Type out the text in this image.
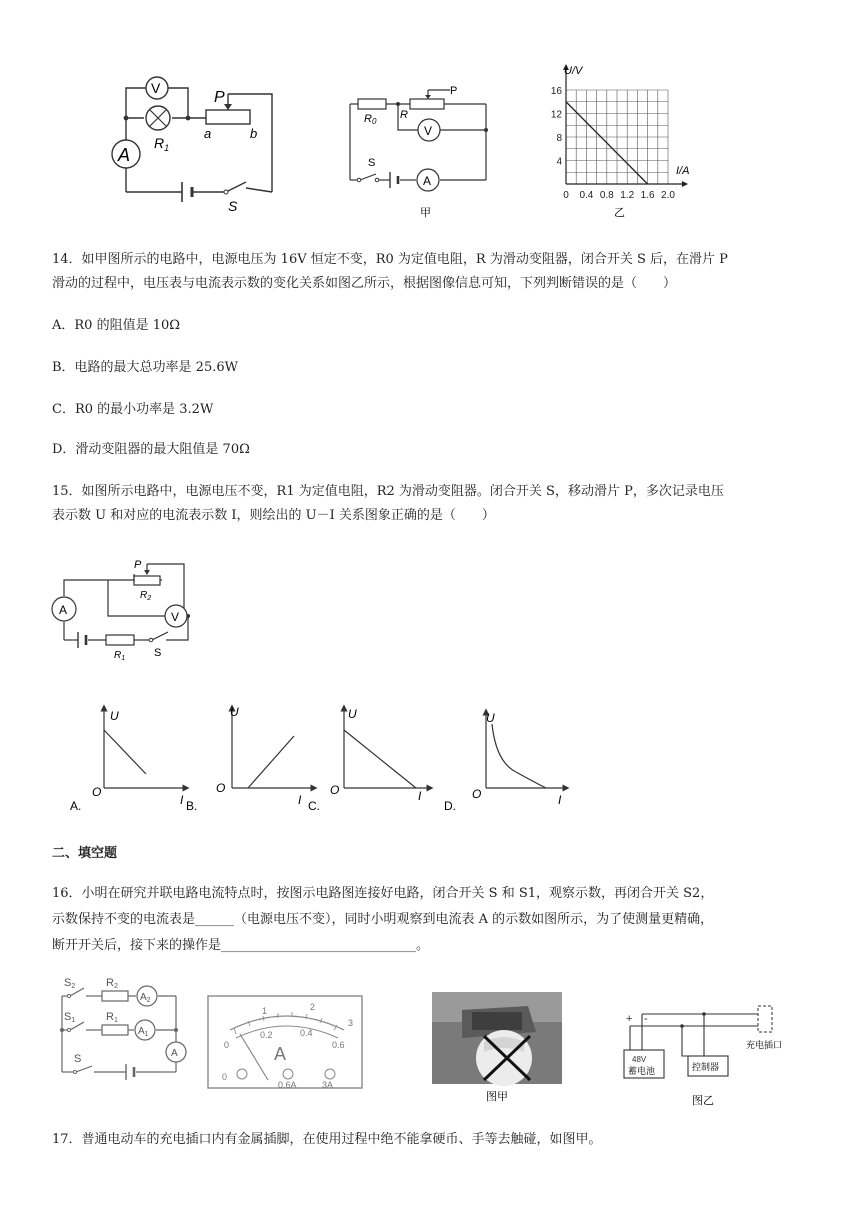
V
A
P
$R_1$
a	b
S
V
A
R0
R
P
S
甲
16
12
8
4
0 0.4 0.8 1.2 1.6 2.0
U/V
I/A
乙
14．如甲图所示的电路中，电源电压为 16V 恒定不变，R0 为定值电阻，R 为滑动变阻器，闭合开关 S 后，在滑片 P
滑动的过程中，电压表与电流表示数的变化关系如图乙所示，根据图像信息可知，下列判断错误的是（　　）
A．R0 的阻值是 10Ω
B．电路的最大总功率是 25.6W
C．R0 的最小功率是 3.2W
D．滑动变阻器的最大阻值是 70Ω
15．如图所示电路中，电源电压不变，R1 为定值电阻，R2 为滑动变阻器。闭合开关 S，移动滑片 P，多次记录电压
表示数 U 和对应的电流表示数 I，则绘出的 U－I 关系图象正确的是（　　）
A	V
P
$R_2$
$R_1$	S
U
O
I
A.
U
O
I
B.
U
O	I
C.
U
O	I
D.
二、填空题
16．小明在研究并联电路电流特点时，按图示电路图连接好电路，闭合开关 S 和 S1，观察示数，再闭合开关 S2，
示数保持不变的电流表是______（电源电压不变），同时小明观察到电流表 A 的示数如图所示，为了使测量更精确，
断开开关后，接下来的操作是______________________________。
$A_2$
$A_1$
A
S2
S1
R2
R1
S
1	2
3
0
0.2	0.4
0.6
A
0
0.6A	3A
图甲
+ -
48V
蓄电池	控制器
充电插口
图乙
17．普通电动车的充电插口内有金属插脚，在使用过程中绝不能拿硬币、手等去触碰，如图甲。
